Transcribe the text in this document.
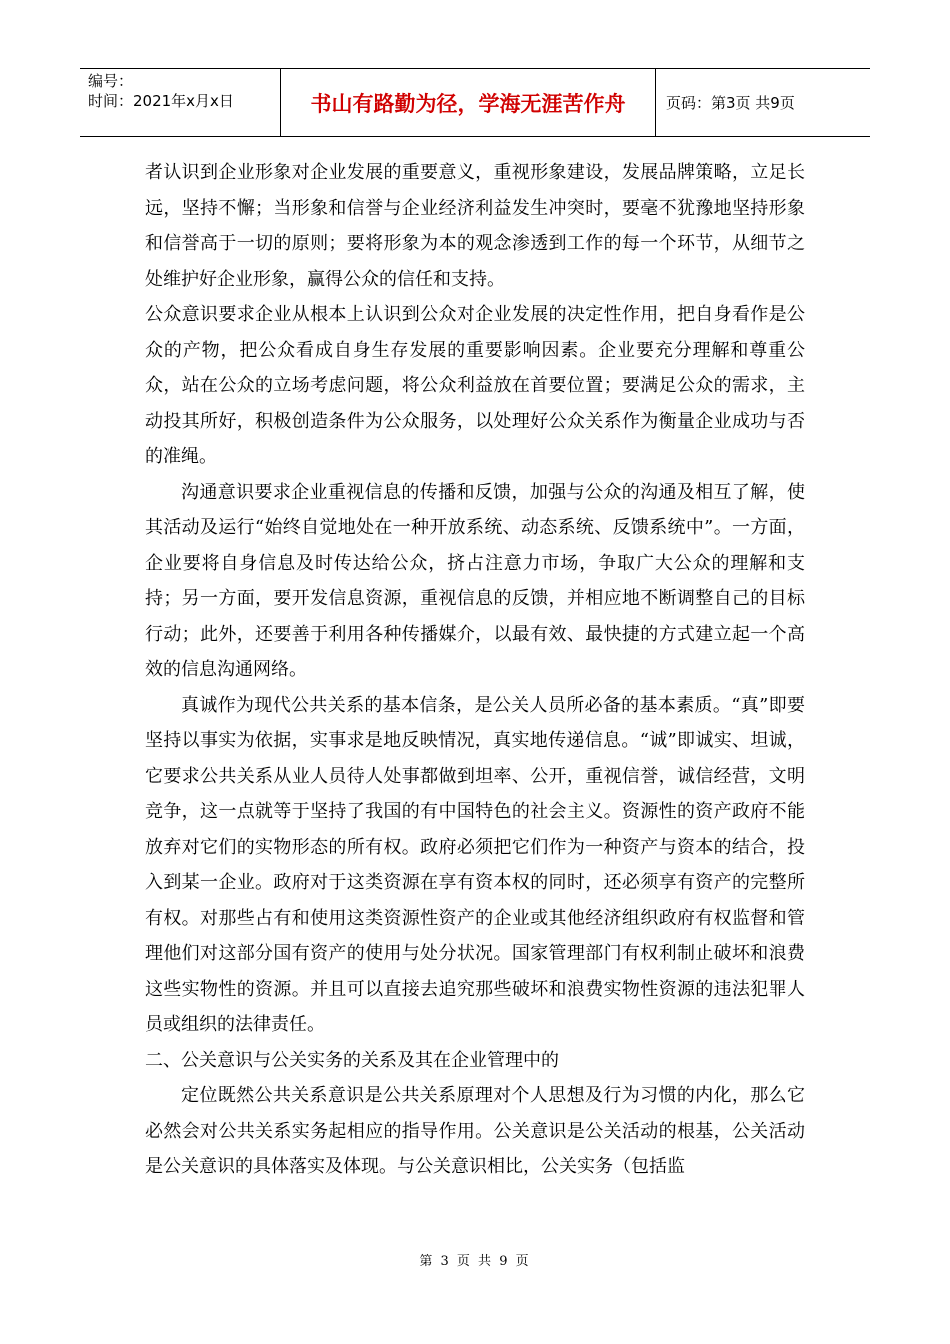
编号：
时间：2021年x月x日	书山有路勤为径，学海无涯苦作舟	页码：第3页 共9页

者认识到企业形象对企业发展的重要意义，重视形象建设，发展品牌策略，立足长远，坚持不懈；当形象和信誉与企业经济利益发生冲突时，要毫不犹豫地坚持形象和信誉高于一切的原则；要将形象为本的观念渗透到工作的每一个环节，从细节之处维护好企业形象，赢得公众的信任和支持。

公众意识要求企业从根本上认识到公众对企业发展的决定性作用，把自身看作是公众的产物，把公众看成自身生存发展的重要影响因素。企业要充分理解和尊重公众，站在公众的立场考虑问题，将公众利益放在首要位置；要满足公众的需求，主动投其所好，积极创造条件为公众服务，以处理好公众关系作为衡量企业成功与否的准绳。

沟通意识要求企业重视信息的传播和反馈，加强与公众的沟通及相互了解，使其活动及运行“始终自觉地处在一种开放系统、动态系统、反馈系统中”。一方面，企业要将自身信息及时传达给公众，挤占注意力市场，争取广大公众的理解和支持；另一方面，要开发信息资源，重视信息的反馈，并相应地不断调整自己的目标行动；此外，还要善于利用各种传播媒介，以最有效、最快捷的方式建立起一个高效的信息沟通网络。

真诚作为现代公共关系的基本信条，是公关人员所必备的基本素质。“真”即要坚持以事实为依据，实事求是地反映情况，真实地传递信息。“诚”即诚实、坦诚，它要求公共关系从业人员待人处事都做到坦率、公开，重视信誉，诚信经营，文明竞争，这一点就等于坚持了我国的有中国特色的社会主义。资源性的资产政府不能放弃对它们的实物形态的所有权。政府必须把它们作为一种资产与资本的结合，投入到某一企业。政府对于这类资源在享有资本权的同时，还必须享有资产的完整所有权。对那些占有和使用这类资源性资产的企业或其他经济组织政府有权监督和管理他们对这部分国有资产的使用与处分状况。国家管理部门有权利制止破坏和浪费这些实物性的资源。并且可以直接去追究那些破坏和浪费实物性资源的违法犯罪人员或组织的法律责任。

二、公关意识与公关实务的关系及其在企业管理中的

定位既然公共关系意识是公共关系原理对个人思想及行为习惯的内化，那么它必然会对公共关系实务起相应的指导作用。公关意识是公关活动的根基，公关活动是公关意识的具体落实及体现。与公关意识相比，公关实务（包括监

第 3 页 共 9 页
